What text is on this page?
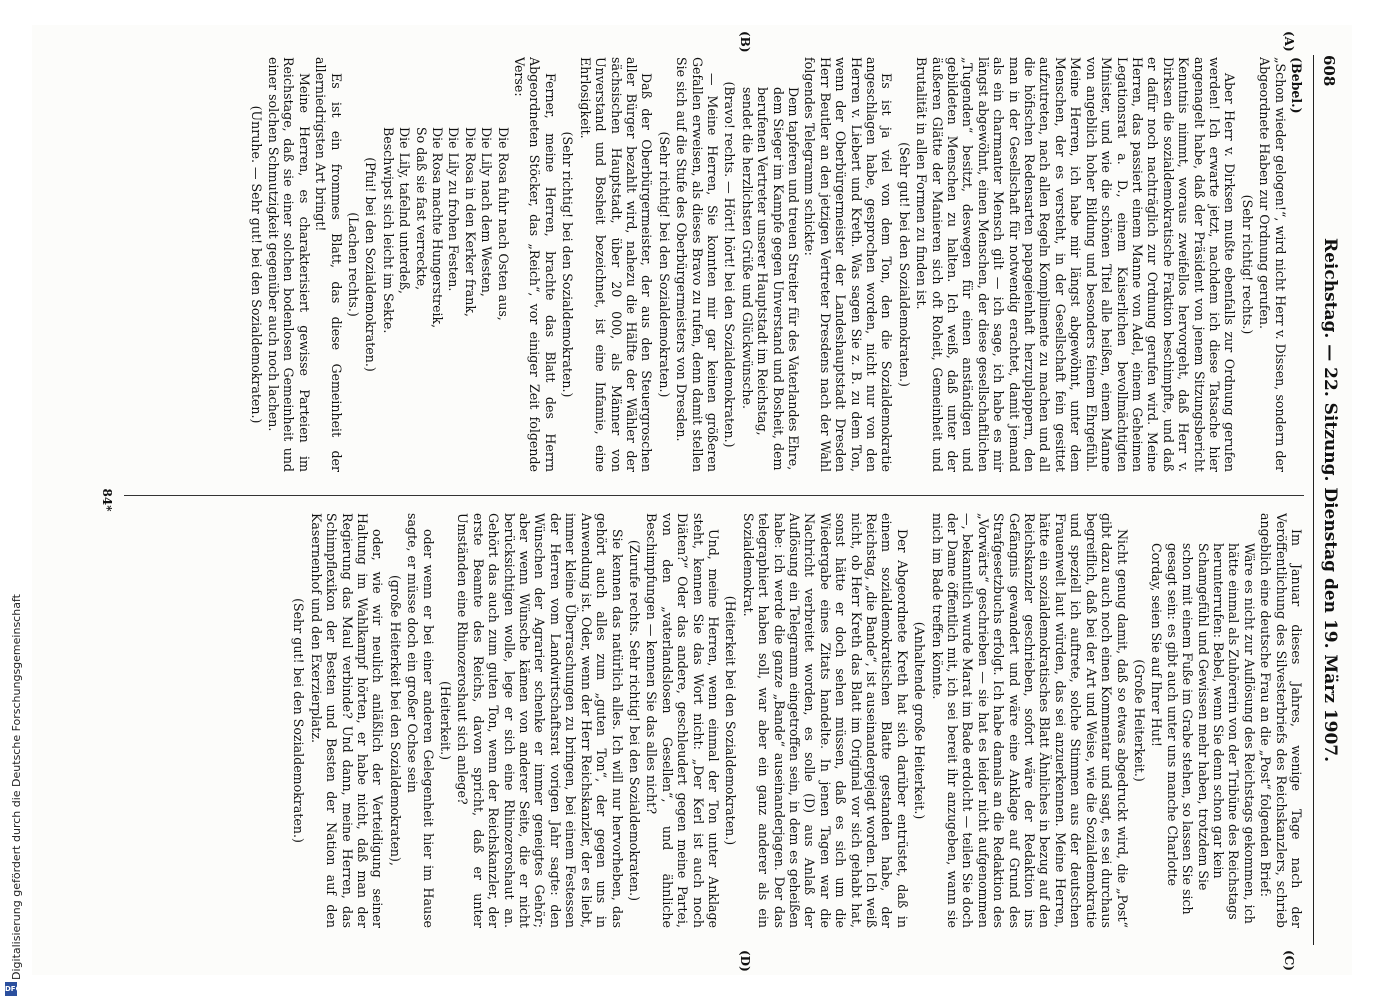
608
Reichstag. — 22. Sitzung. Dienstag den 19. März 1907.
(A)
(B)
(C)
(D)

(Bebel.)

„Schon wieder gelogen!“, wird nicht Herr v. Dissen, sondern der Abgeordnete Haben zur Ordnung gerufen.

(Sehr richtig! rechts.)

Aber Herr v. Dirksen mußte ebenfalls zur Ordnung gerufen werden! Ich erwarte jetzt, nachdem ich diese Tatsache hier angenagelt habe, daß der Präsident von jenem Sitzungsbericht Kenntnis nimmt, woraus zweifellos hervorgeht, daß Herr v. Dirksen die sozialdemokratische Fraktion beschimpfte, und daß er dafür noch nachträglich zur Ordnung gerufen wird. Meine Herren, das passiert einem Manne von Adel, einem Geheimen Legationsrat a. D., einem Kaiserlichen bevollmächtigten Minister, und wie die schönen Titel alle heißen, einem Manne von angeblich hoher Bildung und besonders feinem Ehrgefühl. Meine Herren, ich habe mir längst abgewöhnt, unter dem Menschen, der es versteht, in der Gesellschaft fein gesittet aufzutreten, nach allen Regeln Komplimente zu machen und all die höfischen Redensarten papageienhaft herzuplappern, den man in der Gesellschaft für notwendig erachtet, damit jemand als ein charmanter Mensch gilt — ich sage, ich habe es mir längst abgewöhnt, einen Menschen, der diese gesellschaftlichen „Tugenden“ besitzt, deswegen für einen anständigen und gebildeten Menschen zu halten. Ich weiß, daß unter der äußeren Glätte der Manieren sich oft Roheit, Gemeinheit und Brutalität in allen Formen zu finden ist.

(Sehr gut! bei den Sozialdemokraten.)

Es ist ja viel von dem Ton, den die Sozialdemokratie angeschlagen habe, gesprochen worden, nicht nur von den Herren v. Liebert und Kreth. Was sagen Sie z. B. zu dem Ton, wenn der Oberbürgermeister der Landeshauptstadt Dresden Herr Beutler an den jetzigen Vertreter Dresdens nach der Wahl folgendes Telegramm schickte:

Dem tapferen und treuen Streiter für des Vaterlandes Ehre, dem Sieger im Kampfe gegen Unverstand und Bosheit, dem berufenen Vertreter unserer Hauptstadt im Reichstag, sendet die herzlichsten Grüße und Glückwünsche.

(Bravo! rechts. — Hört! hört! bei den Sozialdemokraten.)

— Meine Herren, Sie konnten mir gar keinen größeren Gefallen erweisen, als dieses Bravo zu rufen, denn damit stellen Sie sich auf die Stufe des Oberbürgermeisters von Dresden.

(Sehr richtig! bei den Sozialdemokraten.)

Daß der Oberbürgermeister, der aus den Steuergroschen aller Bürger bezahlt wird, nahezu die Hälfte der Wähler der sächsischen Hauptstadt, über 20 000, als Männer von Unverstand und Bosheit bezeichnet, ist eine Infamie, eine Ehrlosigkeit.

(Sehr richtig! bei den Sozialdemokraten.)

Ferner, meine Herren, brachte das Blatt des Herrn Abgeordneten Stöcker, das „Reich“, vor einiger Zeit folgende Verse:

Die Rosa fuhr nach Osten aus,

Die Lily nach dem Westen,

Die Rosa in den Kerker frank,

Die Lily zu frohen Festen.

Die Rosa machte Hungerstreik,

So daß sie fast verreckte,

Die Lily, tafelnd unterdeß,

Beschwipst sich leicht im Sekte.

(Pfui! bei den Sozialdemokraten.)

(Lachen rechts.)

Es ist ein frommes Blatt, das diese Gemeinheit der allerniedrigsten Art bringt!

Meine Herren, es charakterisiert gewisse Parteien im Reichstage, daß sie einer solchen bodenlosen Gemeinheit und einer solchen Schmutzigkeit gegenüber auch noch lachen.

(Unruhe. — Sehr gut! bei den Sozialdemokraten.)

Im Januar dieses Jahres, wenige Tage nach der Veröffentlichung des Silvesterbriefs des Reichskanzlers, schrieb angeblich eine deutsche Frau an die „Post“ folgenden Brief:

Wäre es nicht zur Auflösung des Reichstags gekommen, ich hätte einmal als Zuhörerin von der Tribüne des Reichstags herunterrufen: Bebel, wenn Sie denn schon gar kein Schamgefühl und Gewissen mehr haben, trotzdem Sie schon mit einem Fuße im Grabe stehen, so lassen Sie sich gesagt sein: es gibt auch unter uns manche Charlotte Corday, seien Sie auf Ihrer Hut!

(Große Heiterkeit.)

Nicht genug damit, daß so etwas abgedruckt wird, die „Post“ gibt dazu auch noch einen Kommentar und sagt, es sei durchaus begreiflich, daß bei der Art und Weise, wie die Sozialdemokratie und speziell ich auftrete, solche Stimmen aus der deutschen Frauenwelt laut würden, das sei anzuerkennen. Meine Herren, hätte ein sozialdemokratisches Blatt Ähnliches in bezug auf den Reichskanzler geschrieben, sofort wäre der Redaktion ins Gefängnis gewandert und wäre eine Anklage auf Grund des Strafgesetzbuchs erfolgt. Ich habe damals an die Redaktion des „Vorwärts“ geschrieben — sie hat es leider nicht aufgenommen —, bekanntlich wurde Marat im Bade erdolcht — teilen Sie doch der Dame öffentlich mit, ich sei bereit ihr anzugeben, wann sie mich im Bade treffen könnte.

(Anhaltende große Heiterkeit.)

Der Abgeordnete Kreth hat sich darüber entrüstet, daß in einem sozialdemokratischen Blatte gestanden habe, der Reichstag, „die Bande“, ist auseinandergejagt worden. Ich weiß nicht, ob Herr Kreth das Blatt im Original vor sich gehabt hat, sonst hätte er doch sehen müssen, daß es sich um die Wiedergabe eines Zitats handelte. In jenen Tagen war die Nachricht verbreitet worden, es solle (D) aus Anlaß der Auflösung ein Telegramm eingetroffen sein, in dem es geheißen habe: ich werde die ganze „Bande“ auseinanderjagen. Der das telegraphiert haben soll, war aber ein ganz anderer als ein Sozialdemokrat.

(Heiterkeit bei den Sozialdemokraten.)

Und, meine Herren, wenn einmal der Ton unter Anklage steht, kennen Sie das Wort nicht: „Der Kerl ist auch noch Diäten?“ Oder das andere, geschleudert gegen meine Partei, von den „vaterlandslosen Gesellen“, und ähnliche Beschimpfungen — kennen Sie das alles nicht?

(Zurufe rechts. Sehr richtig! bei den Sozialdemokraten.)

Sie kennen das natürlich alles. Ich will nur hervorheben, das gehört auch alles zum „guten Ton“, der gegen uns in Anwendung ist. Oder, wenn der Herr Reichskanzler, der es liebt, immer kleine Überraschungen zu bringen, bei einem Festessen der Herren vom Landwirtschaftsrat vorigen Jahr sagte: den Wünschen der Agrarier schenke er immer geneigtes Gehör; aber wenn Wünsche kämen von anderer Seite, die er nicht berücksichtigen wolle, lege er sich eine Rhinozeroshaut an. Gehört das auch zum guten Ton, wenn der Reichskanzler, der erste Beamte des Reichs, davon spricht, daß er unter Umständen eine Rhinozeroshaut sich anlege?

(Heiterkeit.)

oder wenn er bei einer anderen Gelegenheit hier im Hause sagte, er müsse doch ein großer Ochse sein

(große Heiterkeit bei den Sozialdemokraten),

oder, wie wir neulich anläßlich der Verteidigung seiner Haltung im Wahlkampf hörten, er habe nicht, daß man der Regierung das Maul verbinde? Und dann, meine Herren, das Schimpflexikon der Besten und Besten der Nation auf den Kasernenhof und den Exerzierplatz.

(Sehr gut! bei den Sozialdemokraten.)

84*
Digitalisierung gefördert durch die Deutsche Forschungsgemeinschaft
DFG
